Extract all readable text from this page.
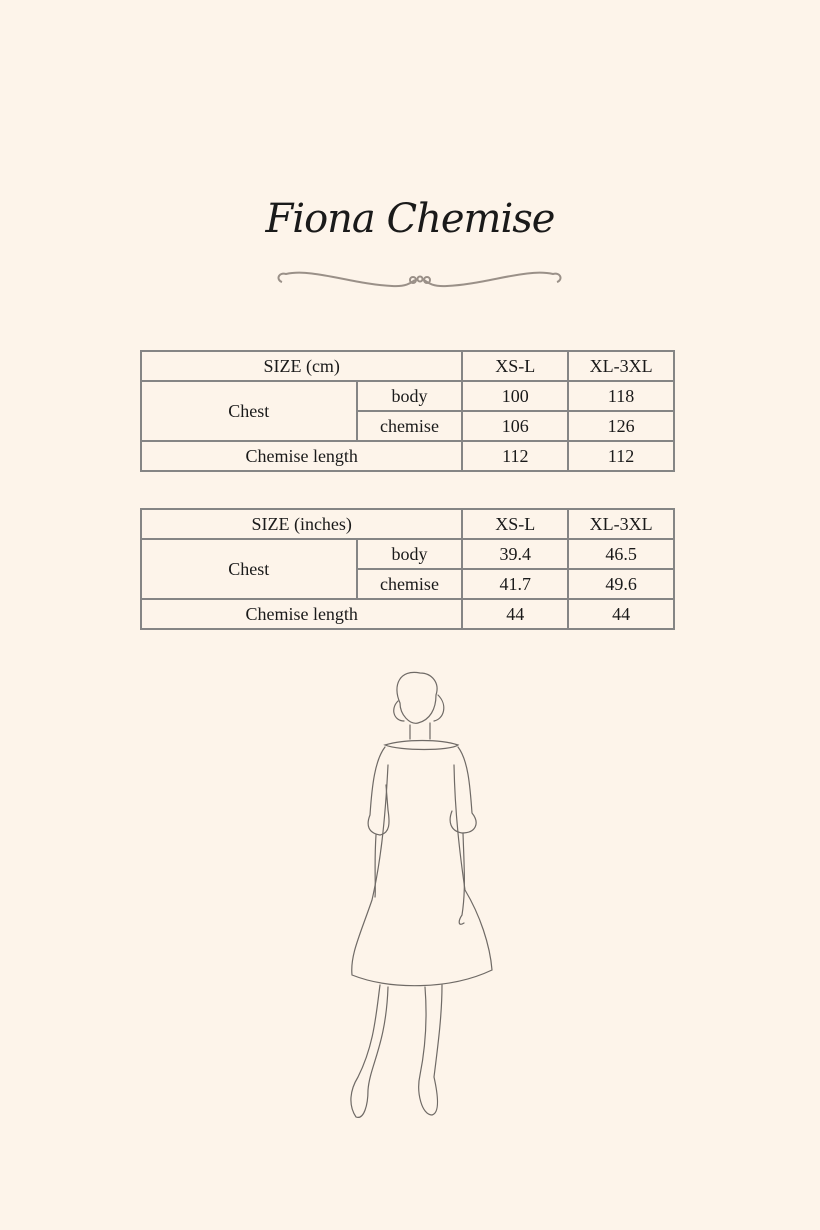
Fiona Chemise
SIZE (cm)		XS-L	XL-3XL
Chest	body	100	118
	chemise	106	126
Chemise length		112	112
SIZE (inches)		XS-L	XL-3XL
Chest	body	39.4	46.5
	chemise	41.7	49.6
Chemise length		44	44
